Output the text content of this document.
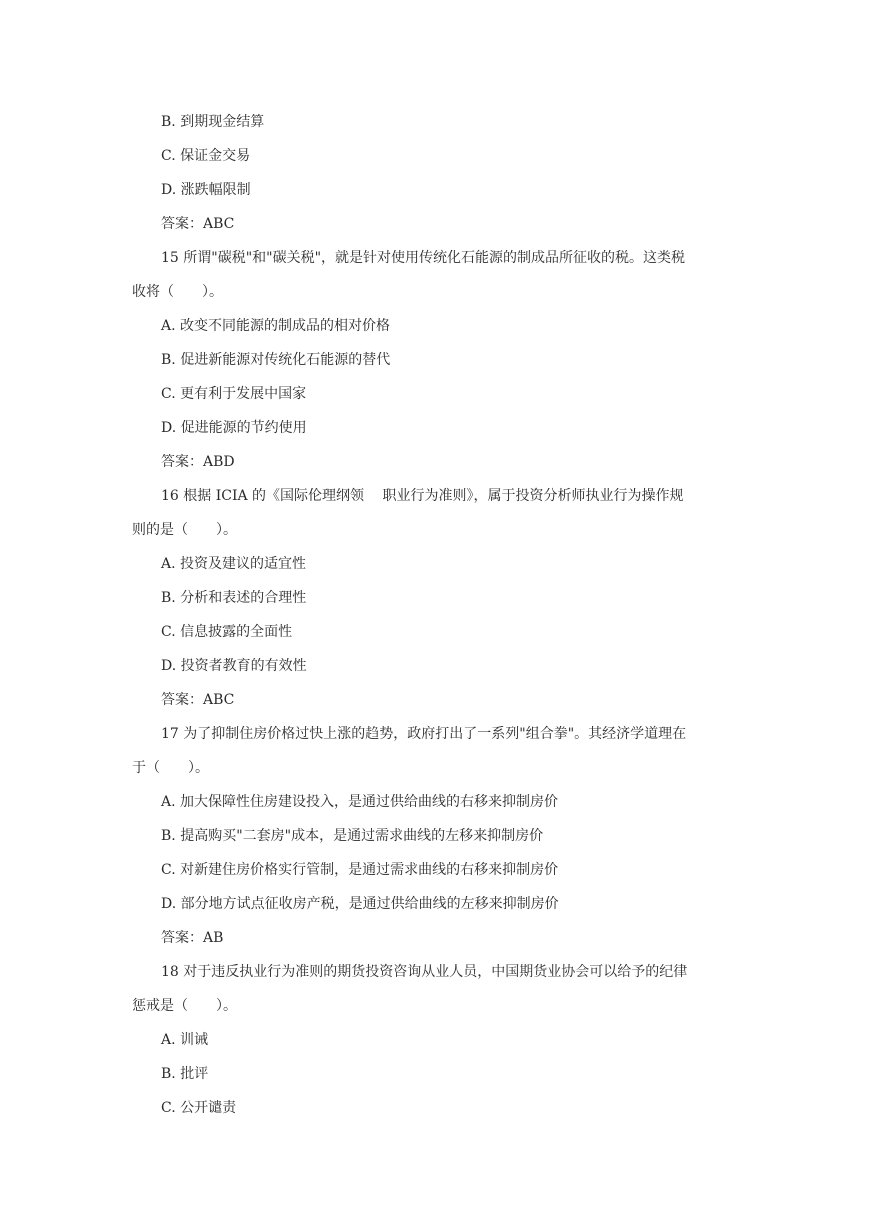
B. 到期现金结算
C. 保证金交易
D. 涨跌幅限制
答案：ABC
15 所谓"碳税"和"碳关税"，就是针对使用传统化石能源的制成品所征收的税。这类税
收将（　　）。
A. 改变不同能源的制成品的相对价格
B. 促进新能源对传统化石能源的替代
C. 更有利于发展中国家
D. 促进能源的节约使用
答案：ABD
16 根据 ICIA 的《国际伦理纲领　 职业行为准则》，属于投资分析师执业行为操作规
则的是（　　）。
A. 投资及建议的适宜性
B. 分析和表述的合理性
C. 信息披露的全面性
D. 投资者教育的有效性
答案：ABC
17 为了抑制住房价格过快上涨的趋势，政府打出了一系列"组合拳"。其经济学道理在
于（　　）。
A. 加大保障性住房建设投入，是通过供给曲线的右移来抑制房价
B. 提高购买"二套房"成本，是通过需求曲线的左移来抑制房价
C. 对新建住房价格实行管制，是通过需求曲线的右移来抑制房价
D. 部分地方试点征收房产税，是通过供给曲线的左移来抑制房价
答案：AB
18 对于违反执业行为准则的期货投资咨询从业人员，中国期货业协会可以给予的纪律
惩戒是（　　）。
A. 训诫
B. 批评
C. 公开谴责
